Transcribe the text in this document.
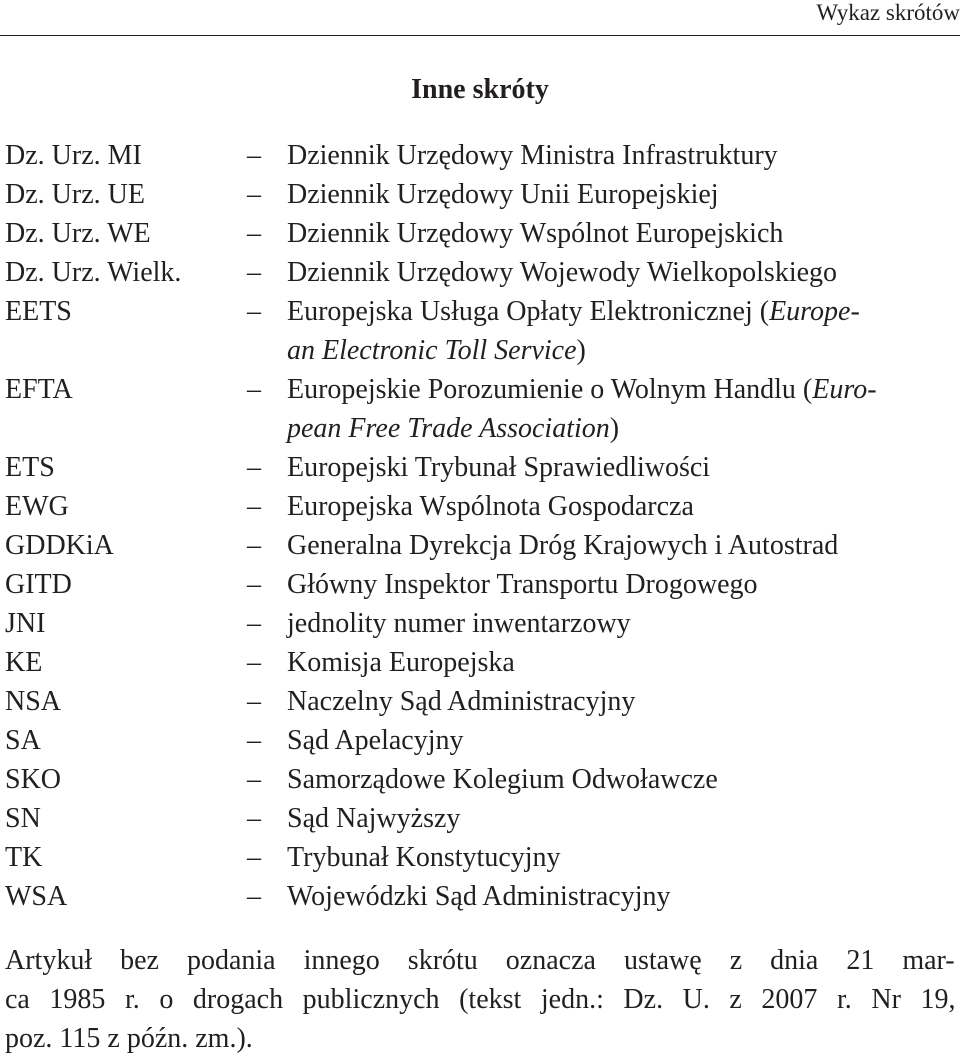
Wykaz skrótów
Inne skróty
Dz. Urz. MI	– Dziennik Urzędowy Ministra Infrastruktury
Dz. Urz. UE	– Dziennik Urzędowy Unii Europejskiej
Dz. Urz. WE	– Dziennik Urzędowy Wspólnot Europejskich
Dz. Urz. Wielk. – Dziennik Urzędowy Wojewody Wielkopolskiego
EETS	– Europejska Usługa Opłaty Elektronicznej (Europe-
an Electronic Toll Service)
EFTA	– Europejskie Porozumienie o Wolnym Handlu (Euro-
pean Free Trade Association)
ETS	– Europejski Trybunał Sprawiedliwości
EWG	– Europejska Wspólnota Gospodarcza
GDDKiA	– Generalna Dyrekcja Dróg Krajowych i Autostrad
GITD	– Główny Inspektor Transportu Drogowego
JNI	– jednolity numer inwentarzowy
KE	– Komisja Europejska
NSA	– Naczelny Sąd Administracyjny
SA	– Sąd Apelacyjny
SKO	– Samorządowe Kolegium Odwoławcze
SN	– Sąd Najwyższy
TK	– Trybunał Konstytucyjny
WSA	– Wojewódzki Sąd Administracyjny
Artykuł bez podania innego skrótu oznacza ustawę z dnia 21 mar-
ca 1985 r. o drogach publicznych (tekst jedn.: Dz. U. z 2007 r. Nr 19,
poz. 115 z późn. zm.).
